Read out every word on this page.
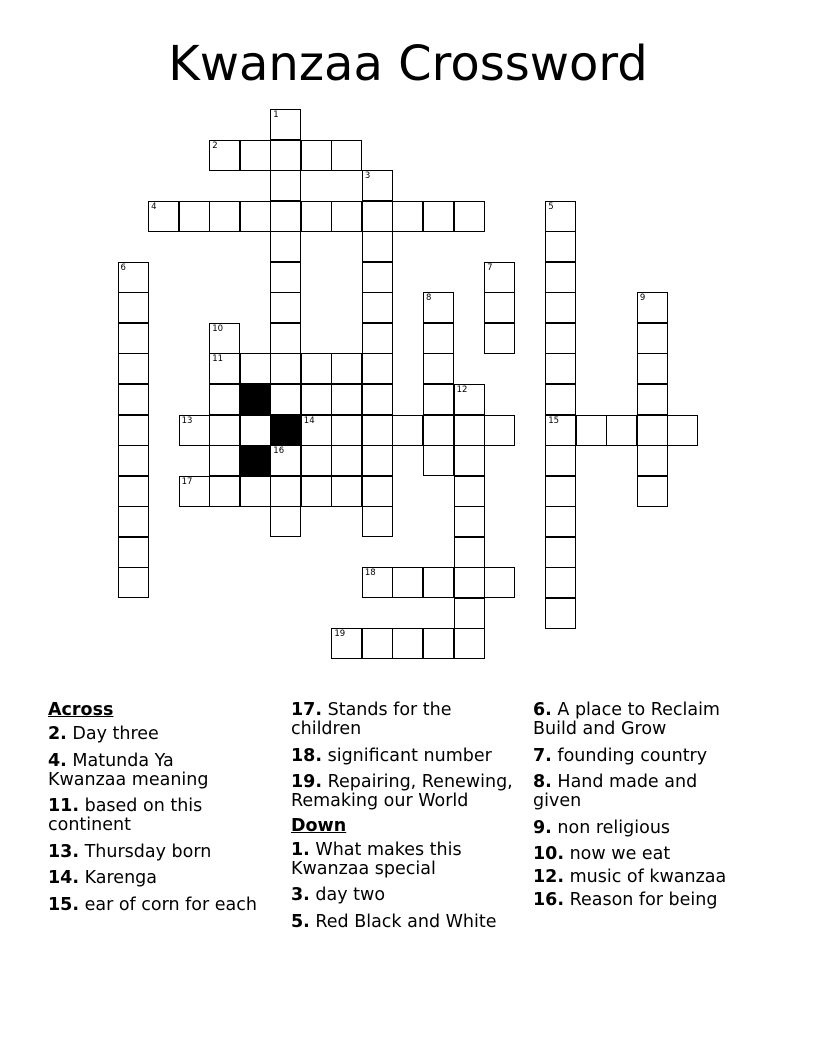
Kwanzaa Crossword
1
2
3
4	5
6	7
8	9
10
11
12
13	14	15
16
17
18
19
Across
2. Day three
4. Matunda Ya Kwanzaa meaning
11. based on this continent
13. Thursday born
14. Karenga
15. ear of corn for each
17. Stands for the children
18. significant number
19. Repairing, Renewing, Remaking our World
Down
1. What makes this Kwanzaa special
3. day two
5. Red Black and White
6. A place to Reclaim Build and Grow
7. founding country
8. Hand made and given
9. non religious
10. now we eat
12. music of kwanzaa
16. Reason for being
